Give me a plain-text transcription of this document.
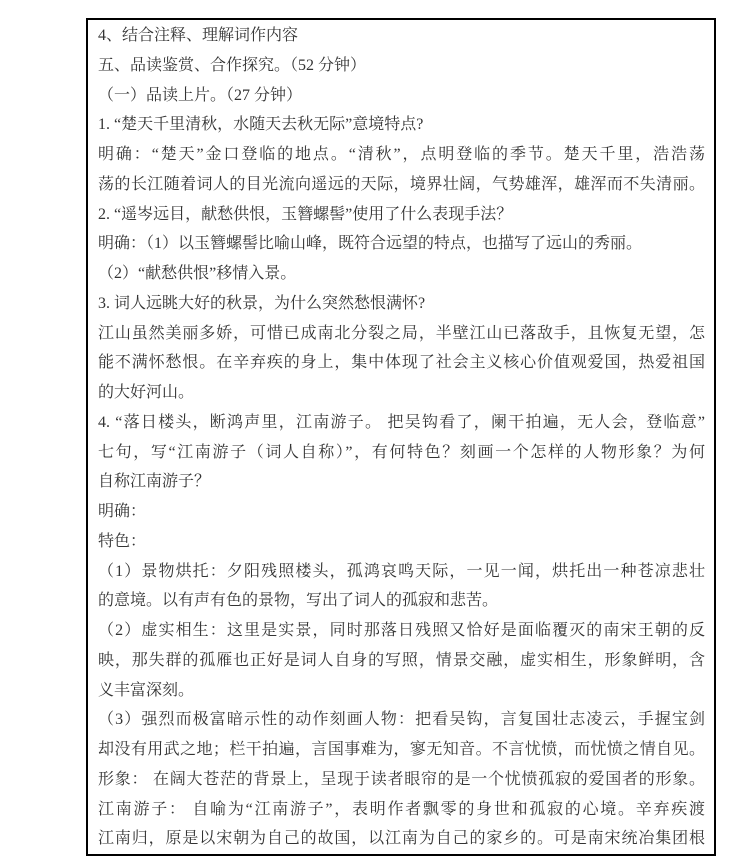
4、结合注释、理解词作内容
五、品读鉴赏、合作探究。（52 分钟）
（一）品读上片。（27 分钟）
1. “楚天千里清秋，水随天去秋无际”意境特点?
明确：“楚天”金口登临的地点。“清秋”，点明登临的季节。楚天千里，浩浩荡
荡的长江随着词人的目光流向遥远的天际，境界壮阔，气势雄浑，雄浑而不失清丽。
2. “遥岑远目，献愁供恨，玉簪螺髻”使用了什么表现手法？
明确：（1）以玉簪螺髻比喻山峰，既符合远望的特点，也描写了远山的秀丽。
（2）“献愁供恨”移情入景。
3. 词人远眺大好的秋景，为什么突然愁恨满怀?
江山虽然美丽多娇，可惜已成南北分裂之局，半壁江山已落敌手，且恢复无望，怎
能不满怀愁恨。在辛弃疾的身上，集中体现了社会主义核心价值观爱国，热爱祖国
的大好河山。
4. “落日楼头，断鸿声里，江南游子。 把吴钩看了，阑干拍遍，无人会，登临意”
七句，写“江南游子（词人自称）”，有何特色？刻画一个怎样的人物形象？为何
自称江南游子？
明确：
特色：
（1）景物烘托：夕阳残照楼头，孤鸿哀鸣天际，一见一闻，烘托出一种苍凉悲壮
的意境。以有声有色的景物，写出了词人的孤寂和悲苦。
（2）虚实相生：这里是实景，同时那落日残照又恰好是面临覆灭的南宋王朝的反
映，那失群的孤雁也正好是词人自身的写照，情景交融，虚实相生，形象鲜明，含
义丰富深刻。
（3）强烈而极富暗示性的动作刻画人物：把看吴钩，言复国壮志凌云，手握宝剑
却没有用武之地；栏干拍遍，言国事难为，寥无知音。不言忧愤，而忧愤之情自见。
形象： 在阔大苍茫的背景上，呈现于读者眼帘的是一个忧愤孤寂的爱国者的形象。
江南游子： 自喻为“江南游子”，表明作者飘零的身世和孤寂的心境。辛弃疾渡
江南归，原是以宋朝为自己的故国，以江南为自己的家乡的。可是南宋统冶集团根
